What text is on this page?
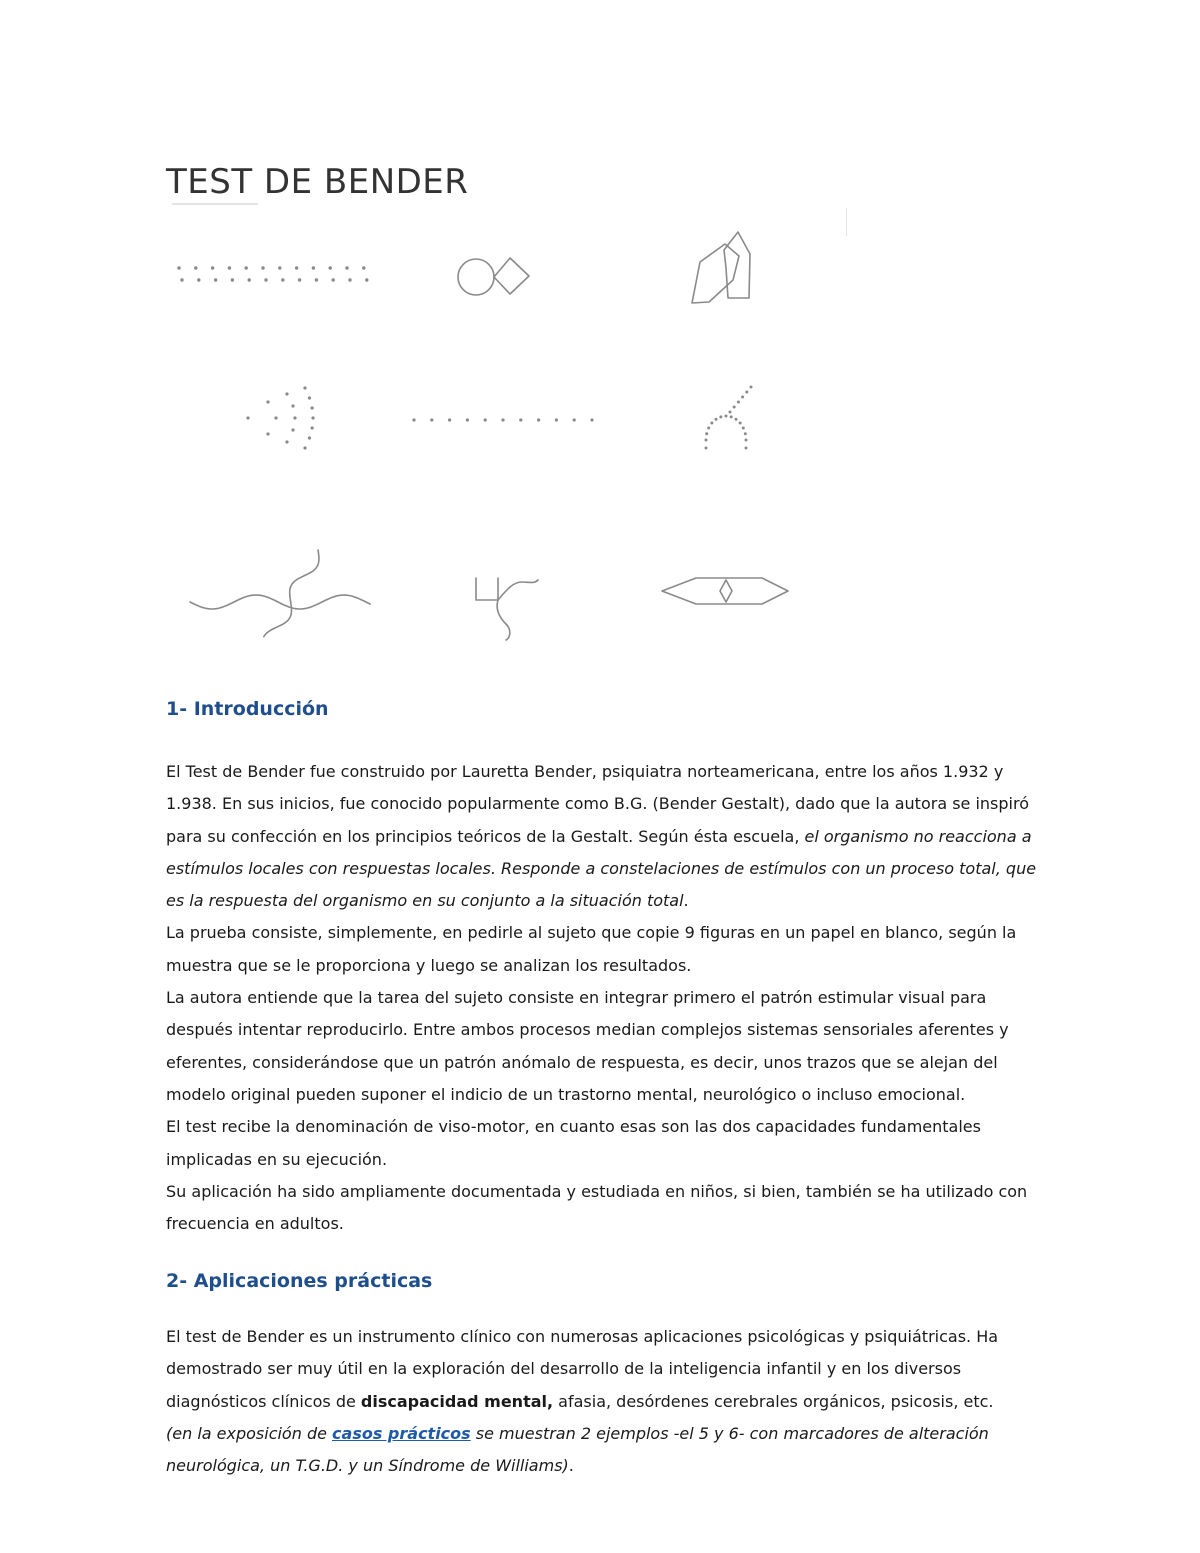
TEST DE BENDER
1- Introducción

El Test de Bender fue construido por Lauretta Bender, psiquiatra norteamericana, entre los años 1.932 y 1.938. En sus inicios, fue conocido popularmente como B.G. (Bender Gestalt), dado que la autora se inspiró para su confección en los principios teóricos de la Gestalt. Según ésta escuela, el organismo no reacciona a estímulos locales con respuestas locales. Responde a constelaciones de estímulos con un proceso total, que es la respuesta del organismo en su conjunto a la situación total.

La prueba consiste, simplemente, en pedirle al sujeto que copie 9 figuras en un papel en blanco, según la muestra que se le proporciona y luego se analizan los resultados.

La autora entiende que la tarea del sujeto consiste en integrar primero el patrón estimular visual para después intentar reproducirlo. Entre ambos procesos median complejos sistemas sensoriales aferentes y eferentes, considerándose que un patrón anómalo de respuesta, es decir, unos trazos que se alejan del modelo original pueden suponer el indicio de un trastorno mental, neurológico o incluso emocional.

El test recibe la denominación de viso-motor, en cuanto esas son las dos capacidades fundamentales implicadas en su ejecución.

Su aplicación ha sido ampliamente documentada y estudiada en niños, si bien, también se ha utilizado con frecuencia en adultos.

2- Aplicaciones prácticas

El test de Bender es un instrumento clínico con numerosas aplicaciones psicológicas y psiquiátricas. Ha demostrado ser muy útil en la exploración del desarrollo de la inteligencia infantil y en los diversos diagnósticos clínicos de discapacidad mental, afasia, desórdenes cerebrales orgánicos, psicosis, etc.

(en la exposición de casos prácticos se muestran 2 ejemplos -el 5 y 6- con marcadores de alteración neurológica, un T.G.D. y un Síndrome de Williams).
